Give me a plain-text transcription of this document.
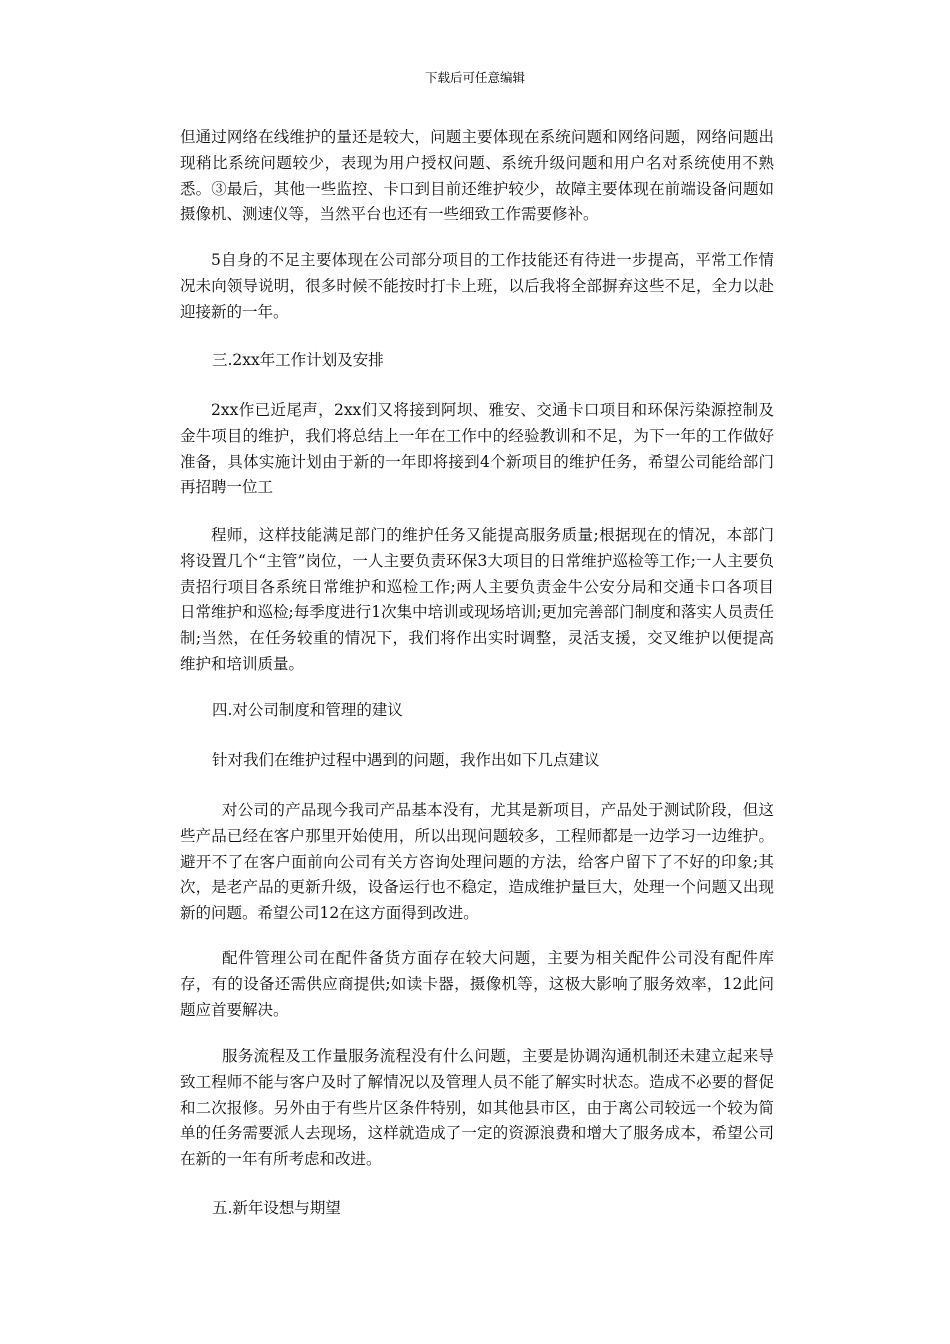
下载后可任意编辑

但通过网络在线维护的量还是较大，问题主要体现在系统问题和网络问题，网络问题出现稍比系统问题较少，表现为用户授权问题、系统升级问题和用户名对系统使用不熟悉。③最后，其他一些监控、卡口到目前还维护较少，故障主要体现在前端设备问题如摄像机、测速仪等，当然平台也还有一些细致工作需要修补。

5自身的不足主要体现在公司部分项目的工作技能还有待进一步提高，平常工作情况未向领导说明，很多时候不能按时打卡上班，以后我将全部摒弃这些不足，全力以赴迎接新的一年。

三.2xx年工作计划及安排

2xx作已近尾声，2xx们又将接到阿坝、雅安、交通卡口项目和环保污染源控制及金牛项目的维护，我们将总结上一年在工作中的经验教训和不足，为下一年的工作做好准备，具体实施计划由于新的一年即将接到4个新项目的维护任务，希望公司能给部门再招聘一位工

程师，这样技能满足部门的维护任务又能提高服务质量;根据现在的情况，本部门将设置几个“主管”岗位，一人主要负责环保3大项目的日常维护巡检等工作;一人主要负责招行项目各系统日常维护和巡检工作;两人主要负责金牛公安分局和交通卡口各项目日常维护和巡检;每季度进行1次集中培训或现场培训;更加完善部门制度和落实人员责任制;当然，在任务较重的情况下，我们将作出实时调整，灵活支援，交叉维护以便提高维护和培训质量。

四.对公司制度和管理的建议

针对我们在维护过程中遇到的问题，我作出如下几点建议

对公司的产品现今我司产品基本没有，尤其是新项目，产品处于测试阶段，但这些产品已经在客户那里开始使用，所以出现问题较多，工程师都是一边学习一边维护。避开不了在客户面前向公司有关方咨询处理问题的方法，给客户留下了不好的印象;其次，是老产品的更新升级，设备运行也不稳定，造成维护量巨大，处理一个问题又出现新的问题。希望公司12在这方面得到改进。

配件管理公司在配件备货方面存在较大问题，主要为相关配件公司没有配件库存，有的设备还需供应商提供;如读卡器，摄像机等，这极大影响了服务效率，12此问题应首要解决。

服务流程及工作量服务流程没有什么问题，主要是协调沟通机制还未建立起来导致工程师不能与客户及时了解情况以及管理人员不能了解实时状态。造成不必要的督促和二次报修。另外由于有些片区条件特别，如其他县市区，由于离公司较远一个较为简单的任务需要派人去现场，这样就造成了一定的资源浪费和增大了服务成本，希望公司在新的一年有所考虑和改进。

五.新年设想与期望
